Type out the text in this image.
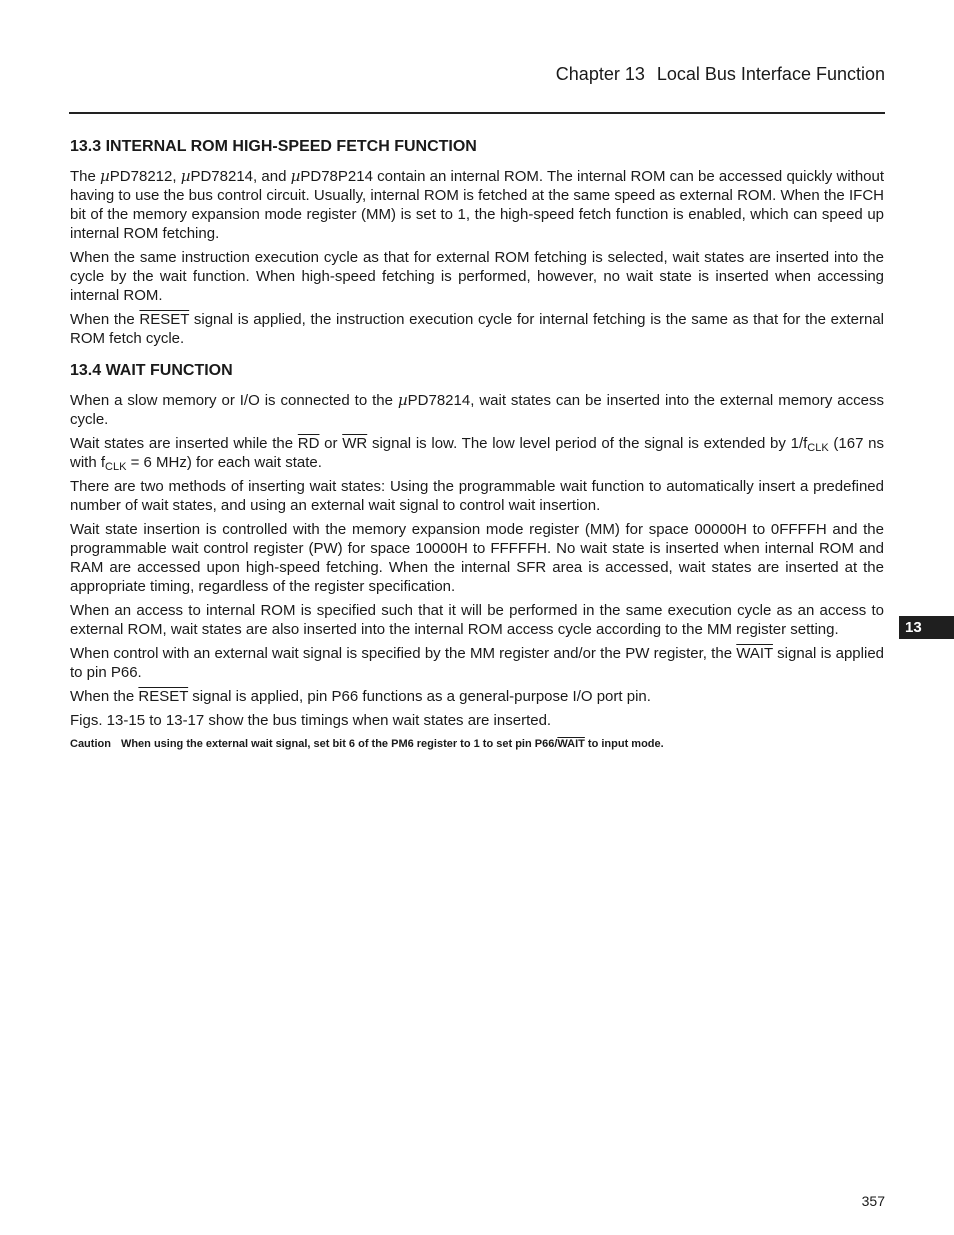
Chapter 13 Local Bus Interface Function
13.3 INTERNAL ROM HIGH-SPEED FETCH FUNCTION

The µPD78212, µPD78214, and µPD78P214 contain an internal ROM. The internal ROM can be accessed quickly without having to use the bus control circuit. Usually, internal ROM is fetched at the same speed as external ROM. When the IFCH bit of the memory expansion mode register (MM) is set to 1, the high-speed fetch function is enabled, which can speed up internal ROM fetching.

When the same instruction execution cycle as that for external ROM fetching is selected, wait states are inserted into the cycle by the wait function. When high-speed fetching is performed, however, no wait state is inserted when accessing internal ROM.

When the RESET signal is applied, the instruction execution cycle for internal fetching is the same as that for the external ROM fetch cycle.

13.4 WAIT FUNCTION

When a slow memory or I/O is connected to the µPD78214, wait states can be inserted into the external memory access cycle.

Wait states are inserted while the $\overline{RD}$ or $\overline{WR}$ signal is low. The low level period of the signal is extended by $1/f_{CLK}$ (167 ns with $f_{CLK} = 6$ MHz) for each wait state.

There are two methods of inserting wait states: Using the programmable wait function to automatically insert a predefined number of wait states, and using an external wait signal to control wait insertion.

Wait state insertion is controlled with the memory expansion mode register (MM) for space 00000H to 0FFFFH and the programmable wait control register (PW) for space 10000H to FFFFFH. No wait state is inserted when internal ROM and RAM are accessed upon high-speed fetching. When the internal SFR area is accessed, wait states are inserted at the appropriate timing, regardless of the register specification.

When an access to internal ROM is specified such that it will be performed in the same execution cycle as an access to external ROM, wait states are also inserted into the internal ROM access cycle according to the MM register setting.

When control with an external wait signal is specified by the MM register and/or the PW register, the WAIT signal is applied to pin P66.

When the RESET signal is applied, pin P66 functions as a general-purpose I/O port pin.

Figs. 13-15 to 13-17 show the bus timings when wait states are inserted.

Caution When using the external wait signal, set bit 6 of the PM6 register to 1 to set pin P66/WAIT to input mode.
13
357
